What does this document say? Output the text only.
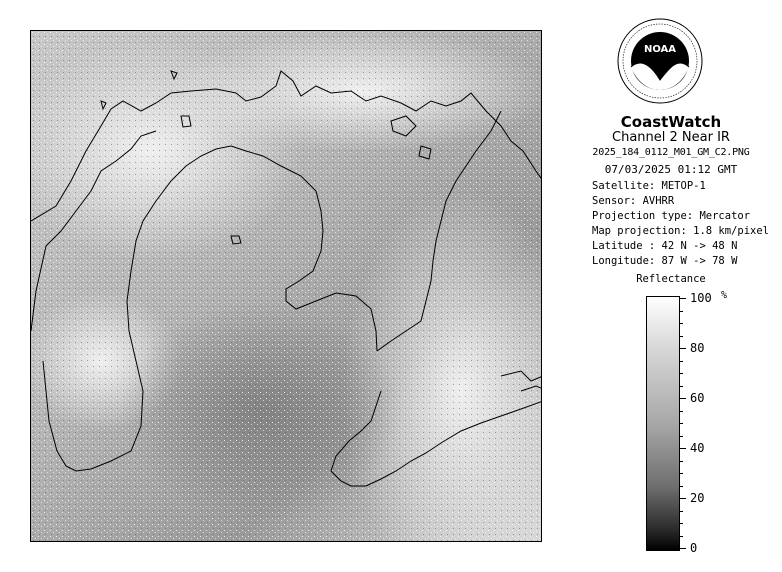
NOAA
CoastWatch
Channel 2 Near IR
2025_184_0112_M01_GM_C2.PNG
07/03/2025 01:12 GMT
Satellite: METOP-1
Sensor: AVHRR
Projection type: Mercator
Map projection: 1.8 km/pixel
Latitude : 42 N -> 48 N
Longitude: 87 W -> 78 W
Reflectance
%
100
80
60
40
20
0
